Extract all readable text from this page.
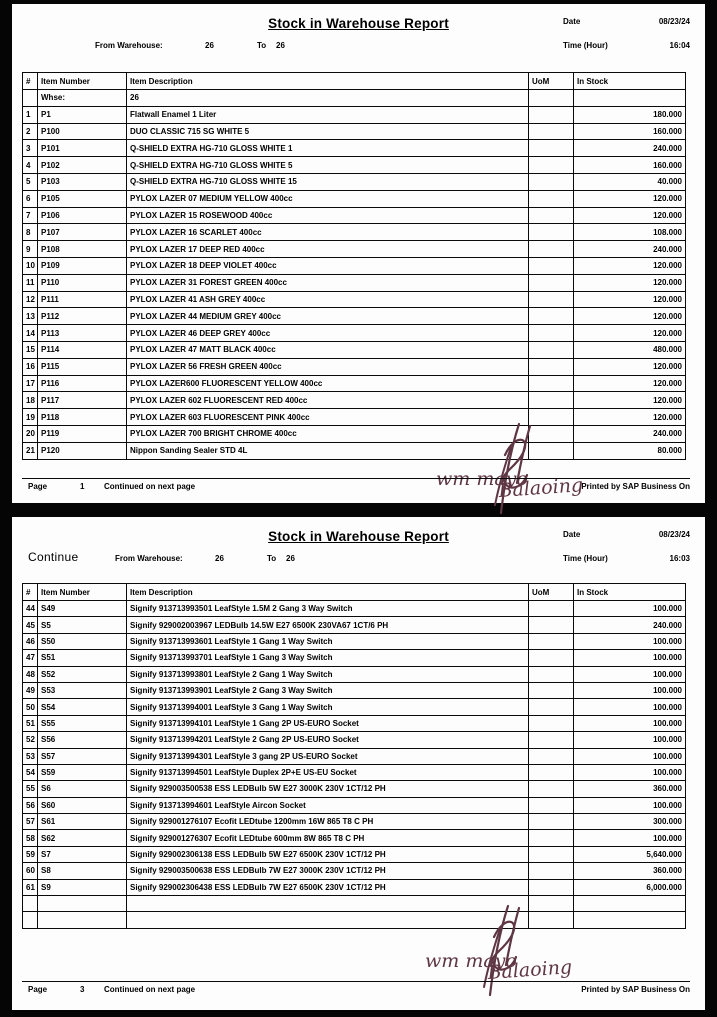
Stock in Warehouse Report	Date	08/23/24
From Warehouse:	26	To 26	Time (Hour)	16:04
#	Item Number	Item Description	UoM	In Stock
	Whse:	26		
1	P1	Flatwall Enamel 1 Liter		180.000
2	P100	DUO CLASSIC 715 SG WHITE 5		160.000
3	P101	Q-SHIELD EXTRA HG-710 GLOSS WHITE 1		240.000
4	P102	Q-SHIELD EXTRA HG-710 GLOSS WHITE 5		160.000
5	P103	Q-SHIELD EXTRA HG-710 GLOSS WHITE 15		40.000
6	P105	PYLOX LAZER 07 MEDIUM YELLOW 400cc		120.000
7	P106	PYLOX LAZER 15 ROSEWOOD 400cc		120.000
8	P107	PYLOX LAZER 16 SCARLET 400cc		108.000
9	P108	PYLOX LAZER 17 DEEP RED 400cc		240.000
10	P109	PYLOX LAZER 18 DEEP VIOLET 400cc		120.000
11	P110	PYLOX LAZER 31 FOREST GREEN 400cc		120.000
12	P111	PYLOX LAZER 41 ASH GREY 400cc		120.000
13	P112	PYLOX LAZER 44 MEDIUM GREY 400cc		120.000
14	P113	PYLOX LAZER 46 DEEP GREY 400cc		120.000
15	P114	PYLOX LAZER 47 MATT BLACK 400cc		480.000
16	P115	PYLOX LAZER 56 FRESH GREEN 400cc		120.000
17	P116	PYLOX LAZER600 FLUORESCENT YELLOW 400cc		120.000
18	P117	PYLOX LAZER 602 FLUORESCENT RED 400cc		120.000
19	P118	PYLOX LAZER 603 FLUORESCENT PINK 400cc		120.000
20	P119	PYLOX LAZER 700 BRIGHT CHROME 400cc		240.000
21	P120	Nippon Sanding Sealer STD 4L		80.000
wm mayo
Balaoing
Page	1 Continued on next page	Printed by SAP Business On
Stock in Warehouse Report
Continue
Date	08/23/24
From Warehouse:	26	To 26	Time (Hour)	16:03
#	Item Number	Item Description	UoM	In Stock
44	S49	Signify 913713993501 LeafStyle 1.5M 2 Gang 3 Way Switch		100.000
45	S5	Signify 929002003967 LEDBulb 14.5W E27 6500K 230VA67 1CT/6 PH		240.000
46	S50	Signify 913713993601 LeafStyle 1 Gang 1 Way Switch		100.000
47	S51	Signify 913713993701 LeafStyle 1 Gang 3 Way Switch		100.000
48	S52	Signify 913713993801 LeafStyle 2 Gang 1 Way Switch		100.000
49	S53	Signify 913713993901 LeafStyle 2 Gang 3 Way Switch		100.000
50	S54	Signify 913713994001 LeafStyle 3 Gang 1 Way Switch		100.000
51	S55	Signify 913713994101 LeafStyle 1 Gang 2P US-EURO Socket		100.000
52	S56	Signify 913713994201 LeafStyle 2 Gang 2P US-EURO Socket		100.000
53	S57	Signify 913713994301 LeafStyle 3 gang 2P US-EURO Socket		100.000
54	S59	Signify 913713994501 LeafStyle Duplex 2P+E US-EU Socket		100.000
55	S6	Signify 929003500538 ESS LEDBulb 5W E27 3000K 230V 1CT/12 PH		360.000
56	S60	Signify 913713994601 LeafStyle Aircon Socket		100.000
57	S61	Signify 929001276107 Ecofit LEDtube 1200mm 16W 865 T8 C PH		300.000
58	S62	Signify 929001276307 Ecofit LEDtube 600mm 8W 865 T8 C PH		100.000
59	S7	Signify 929002306138 ESS LEDBulb 5W E27 6500K 230V 1CT/12 PH		5,640.000
60	S8	Signify 929003500638 ESS LEDBulb 7W E27 3000K 230V 1CT/12 PH		360.000
61	S9	Signify 929002306438 ESS LEDBulb 7W E27 6500K 230V 1CT/12 PH		6,000.000

wm mayo
Balaoing
Page	3 Continued on next page	Printed by SAP Business On
